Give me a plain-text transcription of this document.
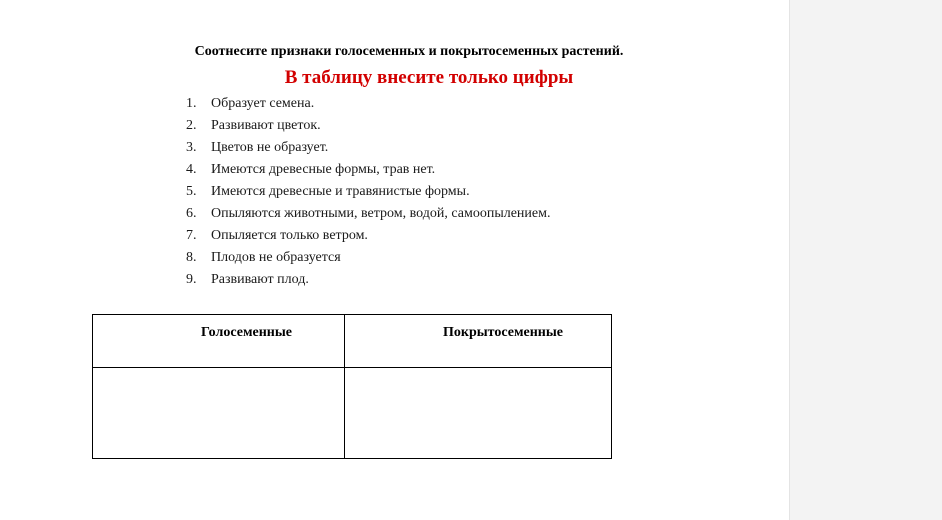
Соотнесите признаки голосеменных и покрытосеменных растений.
В таблицу внесите только цифры
1. Образует семена.
2. Развивают цветок.
3. Цветов не образует.
4. Имеются древесные формы, трав нет.
5. Имеются древесные и травянистые формы.
6. Опыляются животными, ветром, водой, самоопылением.
7. Опыляется только ветром.
8. Плодов не образуется
9. Развивают плод.
Голосеменные	Покрытосеменные
